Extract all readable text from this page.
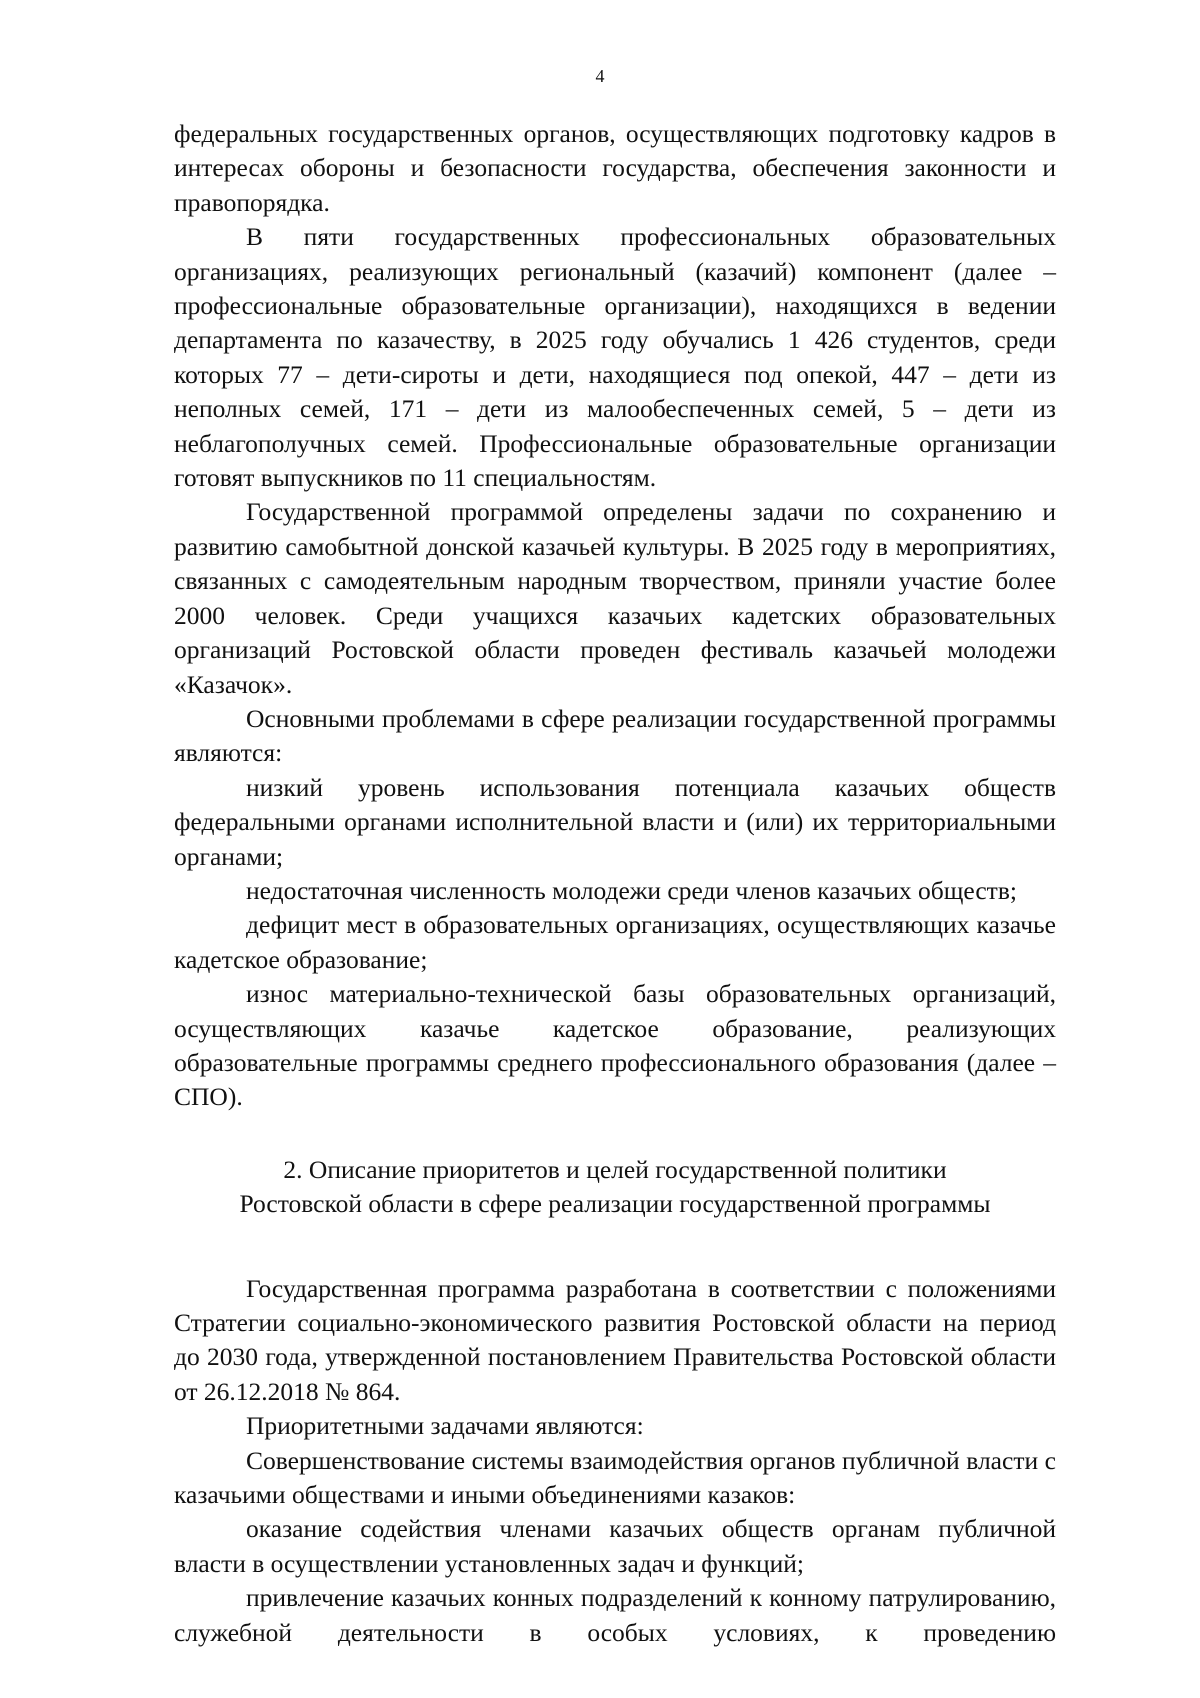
4

федеральных государственных органов, осуществляющих подготовку кадров в интересах обороны и безопасности государства, обеспечения законности и правопорядка.

В пяти государственных профессиональных образовательных организациях, реализующих региональный (казачий) компонент (далее – профессиональные образовательные организации), находящихся в ведении департамента по казачеству, в 2025 году обучались 1 426 студентов, среди которых 77 – дети-сироты и дети, находящиеся под опекой, 447 – дети из неполных семей, 171 – дети из малообеспеченных семей, 5 – дети из неблагополучных семей. Профессиональные образовательные организации готовят выпускников по 11 специальностям.

Государственной программой определены задачи по сохранению и развитию самобытной донской казачьей культуры. В 2025 году в мероприятиях, связанных с самодеятельным народным творчеством, приняли участие более 2000 человек. Среди учащихся казачьих кадетских образовательных организаций Ростовской области проведен фестиваль казачьей молодежи «Казачок».

Основными проблемами в сфере реализации государственной программы являются:

низкий уровень использования потенциала казачьих обществ федеральными органами исполнительной власти и (или) их территориальными органами;

недостаточная численность молодежи среди членов казачьих обществ;

дефицит мест в образовательных организациях, осуществляющих казачье кадетское образование;

износ материально-технической базы образовательных организаций, осуществляющих казачье кадетское образование, реализующих образовательные программы среднего профессионального образования (далее – СПО).

2. Описание приоритетов и целей государственной политики
Ростовской области в сфере реализации государственной программы

Государственная программа разработана в соответствии с положениями Стратегии социально-экономического развития Ростовской области на период до 2030 года, утвержденной постановлением Правительства Ростовской области от 26.12.2018 № 864.

Приоритетными задачами являются:

Совершенствование системы взаимодействия органов публичной власти с казачьими обществами и иными объединениями казаков:

оказание содействия членами казачьих обществ органам публичной власти в осуществлении установленных задач и функций;

привлечение казачьих конных подразделений к конному патрулированию, служебной деятельности в особых условиях, к проведению
